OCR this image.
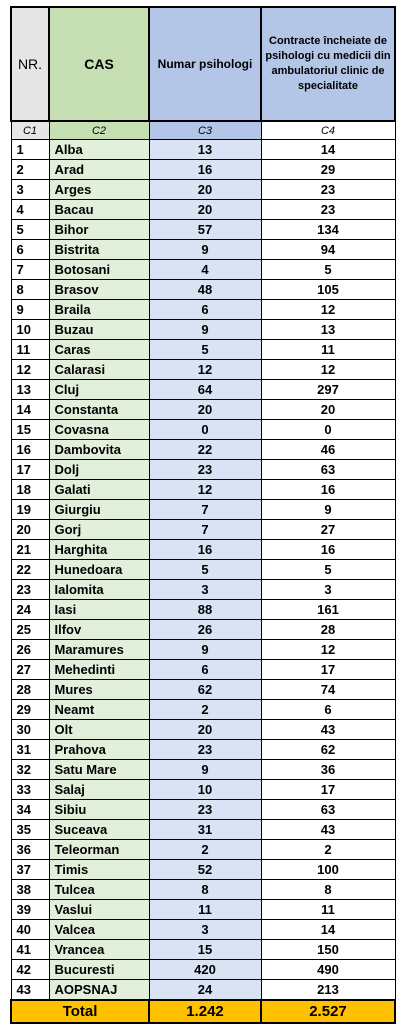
NR.	CAS	Numar psihologi	Contracte încheiate de psihologi cu medicii din ambulatoriul clinic de specialitate
C1	C2	C3	C4
1	Alba	13	14
2	Arad	16	29
3	Arges	20	23
4	Bacau	20	23
5	Bihor	57	134
6	Bistrita	9	94
7	Botosani	4	5
8	Brasov	48	105
9	Braila	6	12
10	Buzau	9	13
11	Caras	5	11
12	Calarasi	12	12
13	Cluj	64	297
14	Constanta	20	20
15	Covasna	0	0
16	Dambovita	22	46
17	Dolj	23	63
18	Galati	12	16
19	Giurgiu	7	9
20	Gorj	7	27
21	Harghita	16	16
22	Hunedoara	5	5
23	Ialomita	3	3
24	Iasi	88	161
25	Ilfov	26	28
26	Maramures	9	12
27	Mehedinti	6	17
28	Mures	62	74
29	Neamt	2	6
30	Olt	20	43
31	Prahova	23	62
32	Satu Mare	9	36
33	Salaj	10	17
34	Sibiu	23	63
35	Suceava	31	43
36	Teleorman	2	2
37	Timis	52	100
38	Tulcea	8	8
39	Vaslui	11	11
40	Valcea	3	14
41	Vrancea	15	150
42	Bucuresti	420	490
43	AOPSNAJ	24	213
Total		1.242	2.527
